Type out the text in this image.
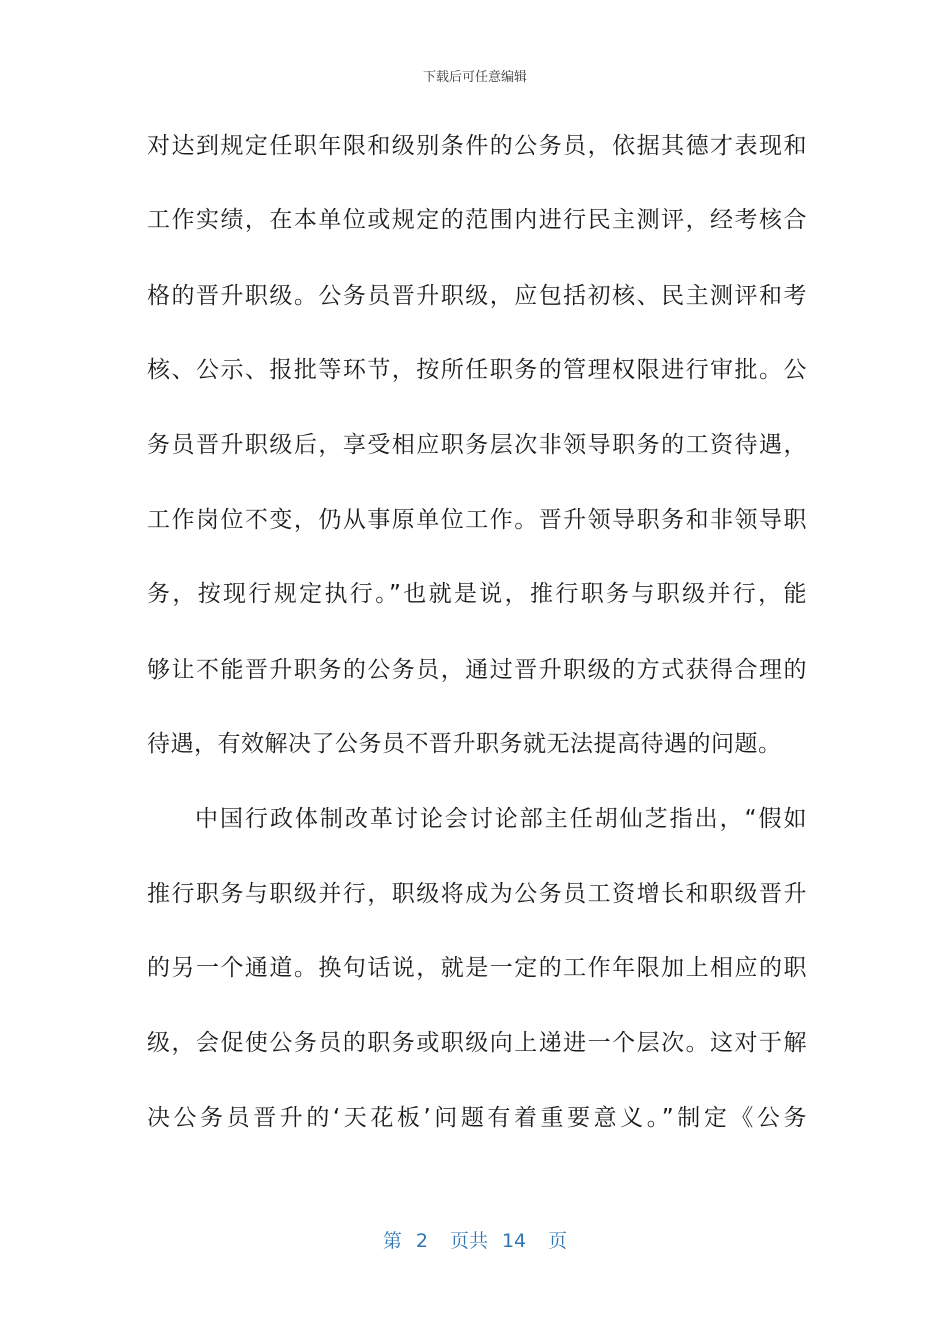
下载后可任意编辑
对达到规定任职年限和级别条件的公务员，依据其德才表现和
工作实绩，在本单位或规定的范围内进行民主测评，经考核合
格的晋升职级。公务员晋升职级，应包括初核、民主测评和考
核、公示、报批等环节，按所任职务的管理权限进行审批。公
务员晋升职级后，享受相应职务层次非领导职务的工资待遇，
工作岗位不变，仍从事原单位工作。晋升领导职务和非领导职
务，按现行规定执行。”也就是说，推行职务与职级并行，能
够让不能晋升职务的公务员，通过晋升职级的方式获得合理的
待遇，有效解决了公务员不晋升职务就无法提高待遇的问题。
中国行政体制改革讨论会讨论部主任胡仙芝指出，“假如
推行职务与职级并行，职级将成为公务员工资增长和职级晋升
的另一个通道。换句话说，就是一定的工作年限加上相应的职
级，会促使公务员的职务或职级向上递进一个层次。这对于解
决公务员晋升的‘天花板’问题有着重要意义。”制定《公务
第 2 页共 14 页
